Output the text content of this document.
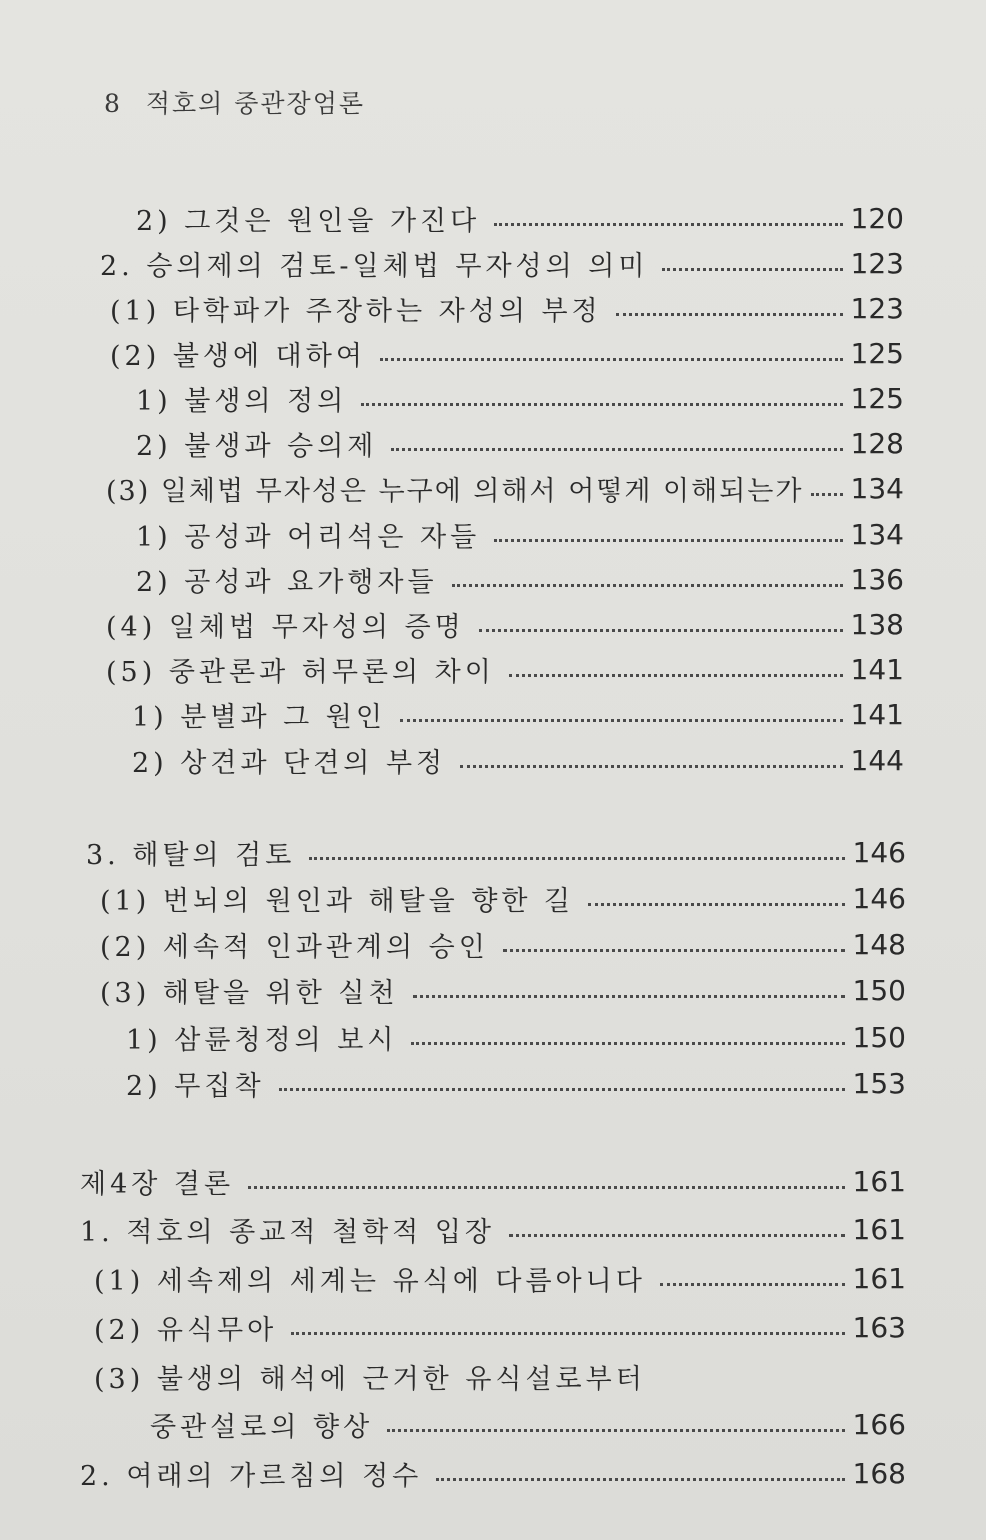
8 적호의 중관장엄론
2) 그것은 원인을 가진다	120
2. 승의제의 검토-일체법 무자성의 의미	123
(1) 타학파가 주장하는 자성의 부정	123
(2) 불생에 대하여	125
1) 불생의 정의	125
2) 불생과 승의제	128
(3) 일체법 무자성은 누구에 의해서 어떻게 이해되는가 134
1) 공성과 어리석은 자들	134
2) 공성과 요가행자들	136
(4) 일체법 무자성의 증명	138
(5) 중관론과 허무론의 차이	141
1) 분별과 그 원인	141
2) 상견과 단견의 부정	144
3. 해탈의 검토	146
(1) 번뇌의 원인과 해탈을 향한 길	146
(2) 세속적 인과관계의 승인	148
(3) 해탈을 위한 실천	150
1) 삼륜청정의 보시	150
2) 무집착	153
제4장 결론	161
1. 적호의 종교적 철학적 입장	161
(1) 세속제의 세계는 유식에 다름아니다	161
(2) 유식무아	163
(3) 불생의 해석에 근거한 유식설로부터
중관설로의 향상	166
2. 여래의 가르침의 정수	168
